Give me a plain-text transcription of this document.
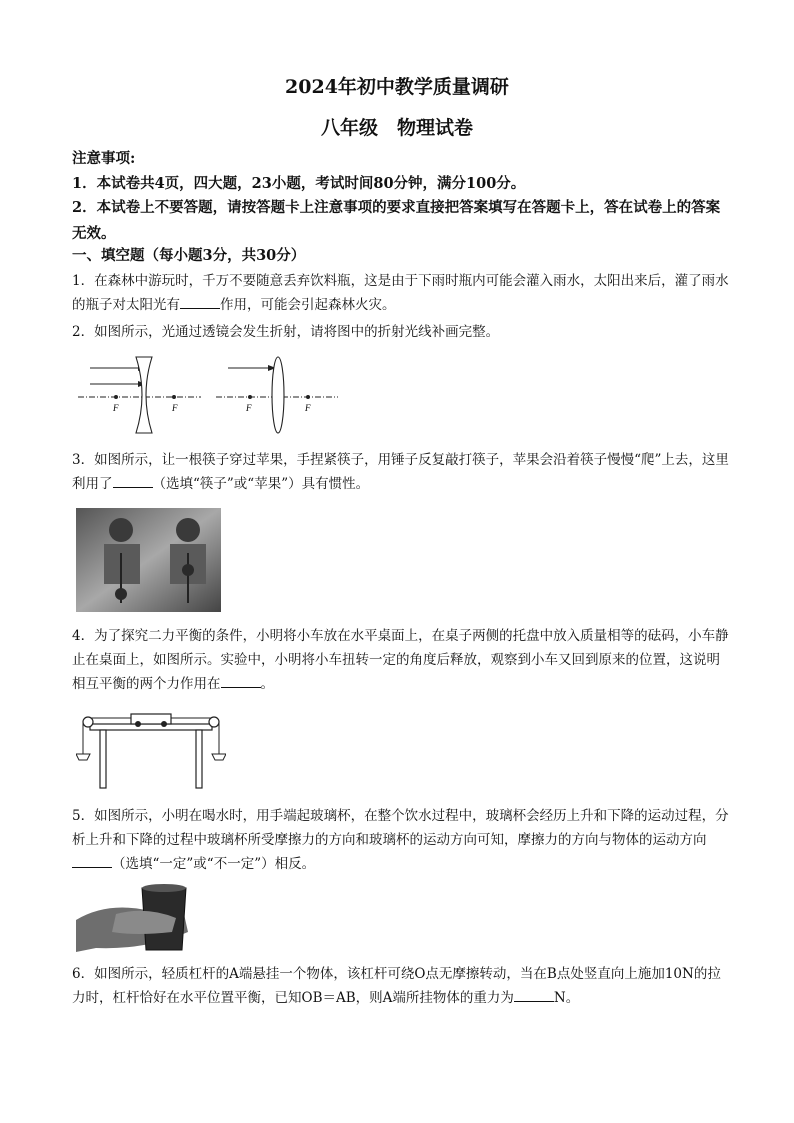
2024年初中教学质量调研
八年级　物理试卷
注意事项:
1．本试卷共4页，四大题，23小题，考试时间80分钟，满分100分。
2．本试卷上不要答题，请按答题卡上注意事项的要求直接把答案填写在答题卡上，答在试卷上的答案无效。
一、填空题（每小题3分，共30分）
1．在森林中游玩时，千万不要随意丢弃饮料瓶，这是由于下雨时瓶内可能会灌入雨水，太阳出来后，灌了雨水的瓶子对太阳光有	作用，可能会引起森林火灾。
2．如图所示，光通过透镜会发生折射，请将图中的折射光线补画完整。
F	F	F	F
3．如图所示，让一根筷子穿过苹果，手捏紧筷子，用锤子反复敲打筷子，苹果会沿着筷子慢慢“爬”上去，这里利用了	（选填“筷子”或“苹果”）具有惯性。
4．为了探究二力平衡的条件，小明将小车放在水平桌面上，在桌子两侧的托盘中放入质量相等的砝码，小车静止在桌面上，如图所示。实验中，小明将小车扭转一定的角度后释放，观察到小车又回到原来的位置，这说明相互平衡的两个力作用在	。
5．如图所示，小明在喝水时，用手端起玻璃杯，在整个饮水过程中，玻璃杯会经历上升和下降的运动过程，分析上升和下降的过程中玻璃杯所受摩擦力的方向和玻璃杯的运动方向可知，摩擦力的方向与物体的运动方向（选填“一定”或“不一定”）相反。
6．如图所示，轻质杠杆的A端悬挂一个物体，该杠杆可绕O点无摩擦转动，当在B点处竖直向上施加10N的拉力时，杠杆恰好在水平位置平衡，已知OB＝AB，则A端所挂物体的重力为	N。
